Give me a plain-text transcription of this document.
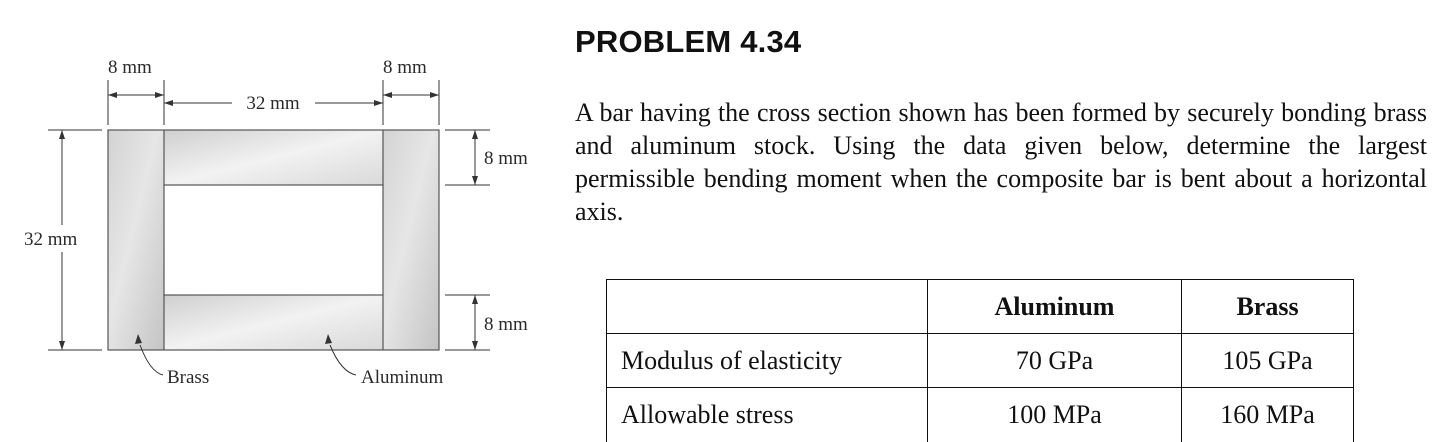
8 mm	8 mm
32 mm
32 mm
8 mm
8 mm
Brass	Aluminum
PROBLEM 4.34

A bar having the cross section shown has been formed by securely bonding brass and aluminum stock. Using the data given below, determine the largest permissible bending moment when the composite bar is bent about a horizontal axis.

	Aluminum	Brass
Modulus of elasticity	70 GPa	105 GPa
Allowable stress	100 MPa	160 MPa
